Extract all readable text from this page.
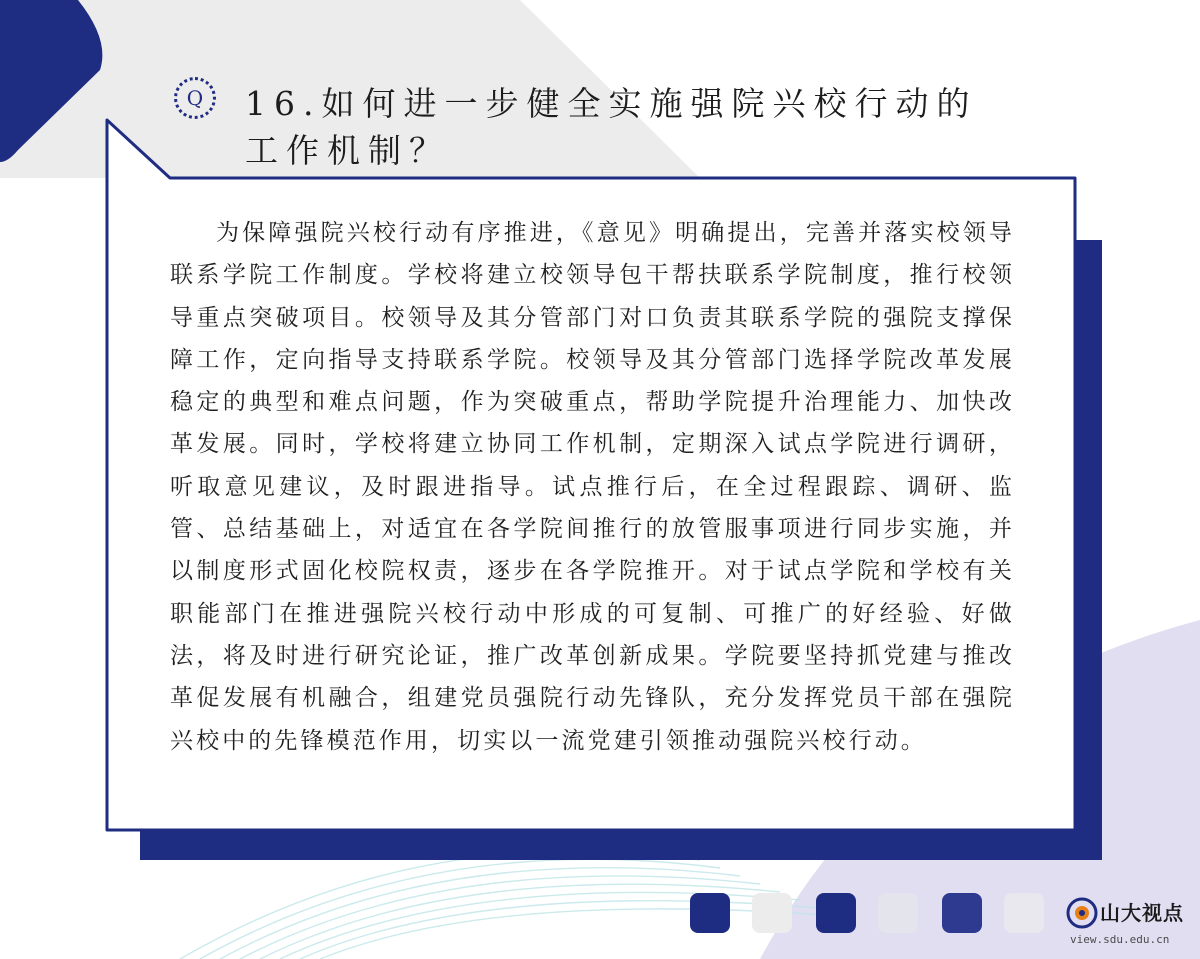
Q 16.如何进一步健全实施强院兴校行动的
工作机制？

为保障强院兴校行动有序推进，《意见》明确提出，完善并落实校领导联系学院工作制度。学校将建立校领导包干帮扶联系学院制度，推行校领导重点突破项目。校领导及其分管部门对口负责其联系学院的强院支撑保障工作，定向指导支持联系学院。校领导及其分管部门选择学院改革发展稳定的典型和难点问题，作为突破重点，帮助学院提升治理能力、加快改革发展。同时，学校将建立协同工作机制，定期深入试点学院进行调研，听取意见建议，及时跟进指导。试点推行后，在全过程跟踪、调研、监管、总结基础上，对适宜在各学院间推行的放管服事项进行同步实施，并以制度形式固化校院权责，逐步在各学院推开。对于试点学院和学校有关职能部门在推进强院兴校行动中形成的可复制、可推广的好经验、好做法，将及时进行研究论证，推广改革创新成果。学院要坚持抓党建与推改革促发展有机融合，组建党员强院行动先锋队，充分发挥党员干部在强院兴校中的先锋模范作用，切实以一流党建引领推动强院兴校行动。

山大视点
view.sdu.edu.cn
